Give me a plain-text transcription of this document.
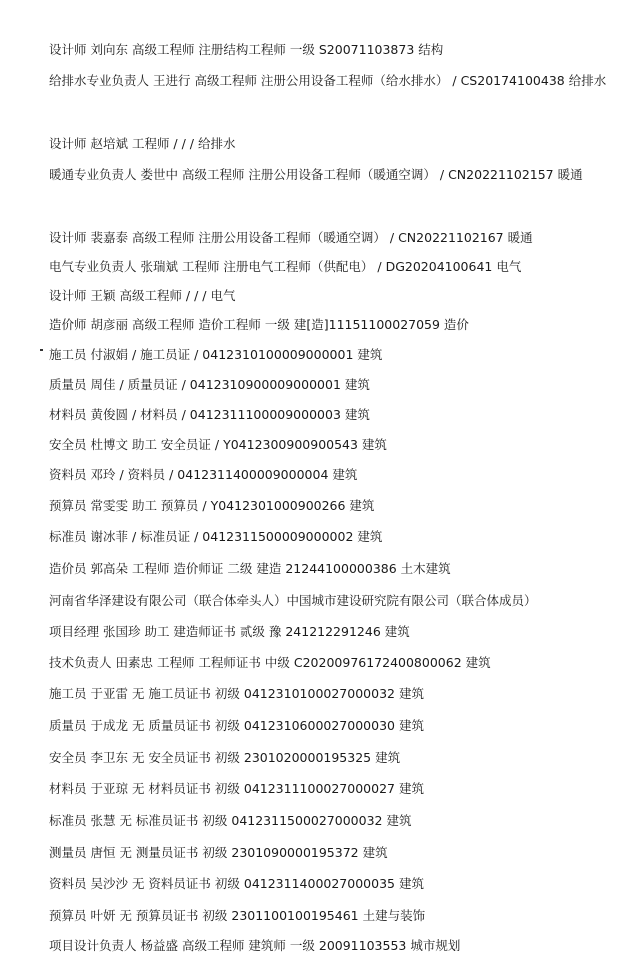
设计师 刘向东 高级工程师 注册结构工程师 一级 S20071103873 结构
给排水专业负责人 王进行 高级工程师 注册公用设备工程师（给水排水） / CS20174100438 给排水
设计师 赵培斌 工程师 / / / 给排水
暖通专业负责人 娄世中 高级工程师 注册公用设备工程师（暖通空调） / CN20221102157 暖通
设计师 裴嘉泰 高级工程师 注册公用设备工程师（暖通空调） / CN20221102167 暖通
电气专业负责人 张瑞斌 工程师 注册电气工程师（供配电） / DG20204100641 电气
设计师 王颖 高级工程师 / / / 电气
造价师 胡彦丽 高级工程师 造价工程师 一级 建[造]11151100027059 造价
施工员 付淑娟 / 施工员证 / 0412310100009000001 建筑
质量员 周佳 / 质量员证 / 0412310900009000001 建筑
材料员 黄俊圆 / 材料员 / 0412311100009000003 建筑
安全员 杜博文 助工 安全员证 / Y0412300900900543 建筑
资料员 邓玲 / 资料员 / 0412311400009000004 建筑
预算员 常雯雯 助工 预算员 / Y0412301000900266 建筑
标准员 谢冰菲 / 标准员证 / 0412311500009000002 建筑
造价员 郭高朵 工程师 造价师证 二级 建造 21244100000386 土木建筑
河南省华泽建设有限公司（联合体牵头人）中国城市建设研究院有限公司（联合体成员）
项目经理 张国珍 助工 建造师证书 贰级 豫 241212291246 建筑
技术负责人 田素忠 工程师 工程师证书 中级 C20200976172400800062 建筑
施工员 于亚雷 无 施工员证书 初级 0412310100027000032 建筑
质量员 于成龙 无 质量员证书 初级 0412310600027000030 建筑
安全员 李卫东 无 安全员证书 初级 2301020000195325 建筑
材料员 于亚琼 无 材料员证书 初级 0412311100027000027 建筑
标准员 张慧 无 标准员证书 初级 0412311500027000032 建筑
测量员 唐恒 无 测量员证书 初级 2301090000195372 建筑
资料员 吴沙沙 无 资料员证书 初级 0412311400027000035 建筑
预算员 叶妍 无 预算员证书 初级 2301100100195461 土建与装饰
项目设计负责人 杨益盛 高级工程师 建筑师 一级 20091103553 城市规划
